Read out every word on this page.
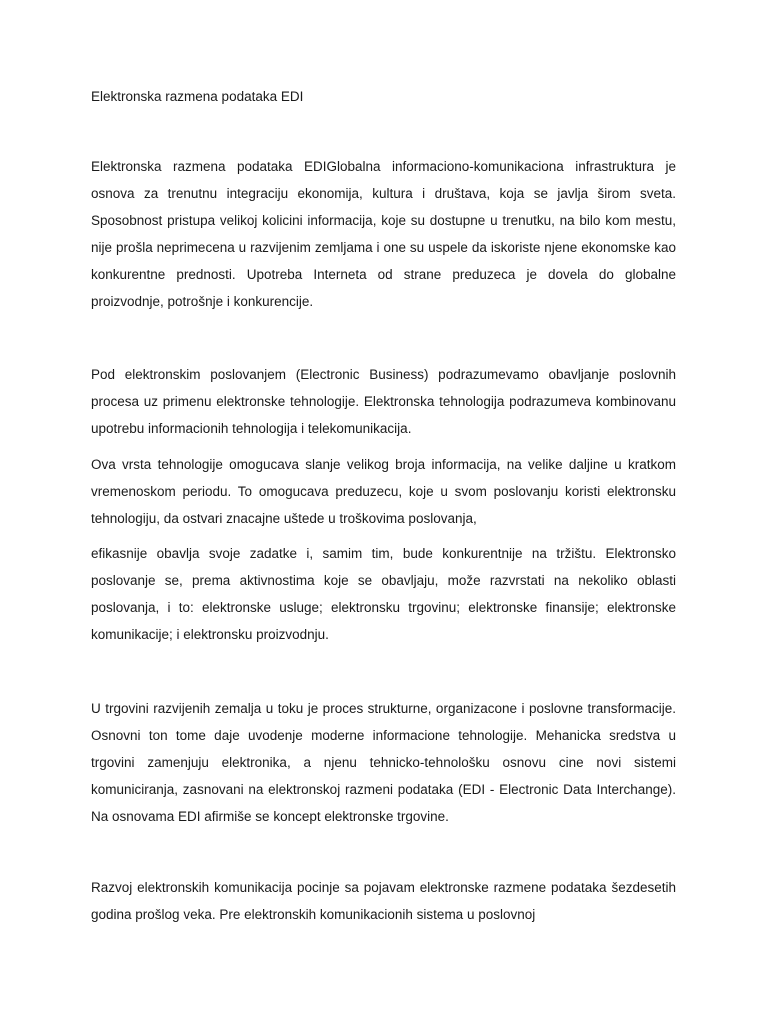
Elektronska razmena podataka EDI

Elektronska razmena podataka EDIGlobalna informaciono-komunikaciona infrastruktura je osnova za trenutnu integraciju ekonomija, kultura i društava, koja se javlja širom sveta. Sposobnost pristupa velikoj kolicini informacija, koje su dostupne u trenutku, na bilo kom mestu, nije prošla neprimecena u razvijenim zemljama i one su uspele da iskoriste njene ekonomske kao konkurentne prednosti. Upotreba Interneta od strane preduzeca je dovela do globalne proizvodnje, potrošnje i konkurencije.

Pod elektronskim poslovanjem (Electronic Business) podrazumevamo obavljanje poslovnih procesa uz primenu elektronske tehnologije. Elektronska tehnologija podrazumeva kombinovanu upotrebu informacionih tehnologija i telekomunikacija.

Ova vrsta tehnologije omogucava slanje velikog broja informacija, na velike daljine u kratkom vremenoskom periodu. To omogucava preduzecu, koje u svom poslovanju koristi elektronsku tehnologiju, da ostvari znacajne uštede u troškovima poslovanja,

efikasnije obavlja svoje zadatke i, samim tim, bude konkurentnije na tržištu. Elektronsko poslovanje se, prema aktivnostima koje se obavljaju, može razvrstati na nekoliko oblasti poslovanja, i to: elektronske usluge; elektronsku trgovinu; elektronske finansije; elektronske komunikacije; i elektronsku proizvodnju.

U trgovini razvijenih zemalja u toku je proces strukturne, organizacone i poslovne transformacije. Osnovni ton tome daje uvodenje moderne informacione tehnologije. Mehanicka sredstva u trgovini zamenjuju elektronika, a njenu tehnicko-tehnološku osnovu cine novi sistemi komuniciranja, zasnovani na elektronskoj razmeni podataka (EDI - Electronic Data Interchange). Na osnovama EDI afirmiše se koncept elektronske trgovine.

Razvoj elektronskih komunikacija pocinje sa pojavam elektronske razmene podataka šezdesetih godina prošlog veka. Pre elektronskih komunikacionih sistema u poslovnoj
